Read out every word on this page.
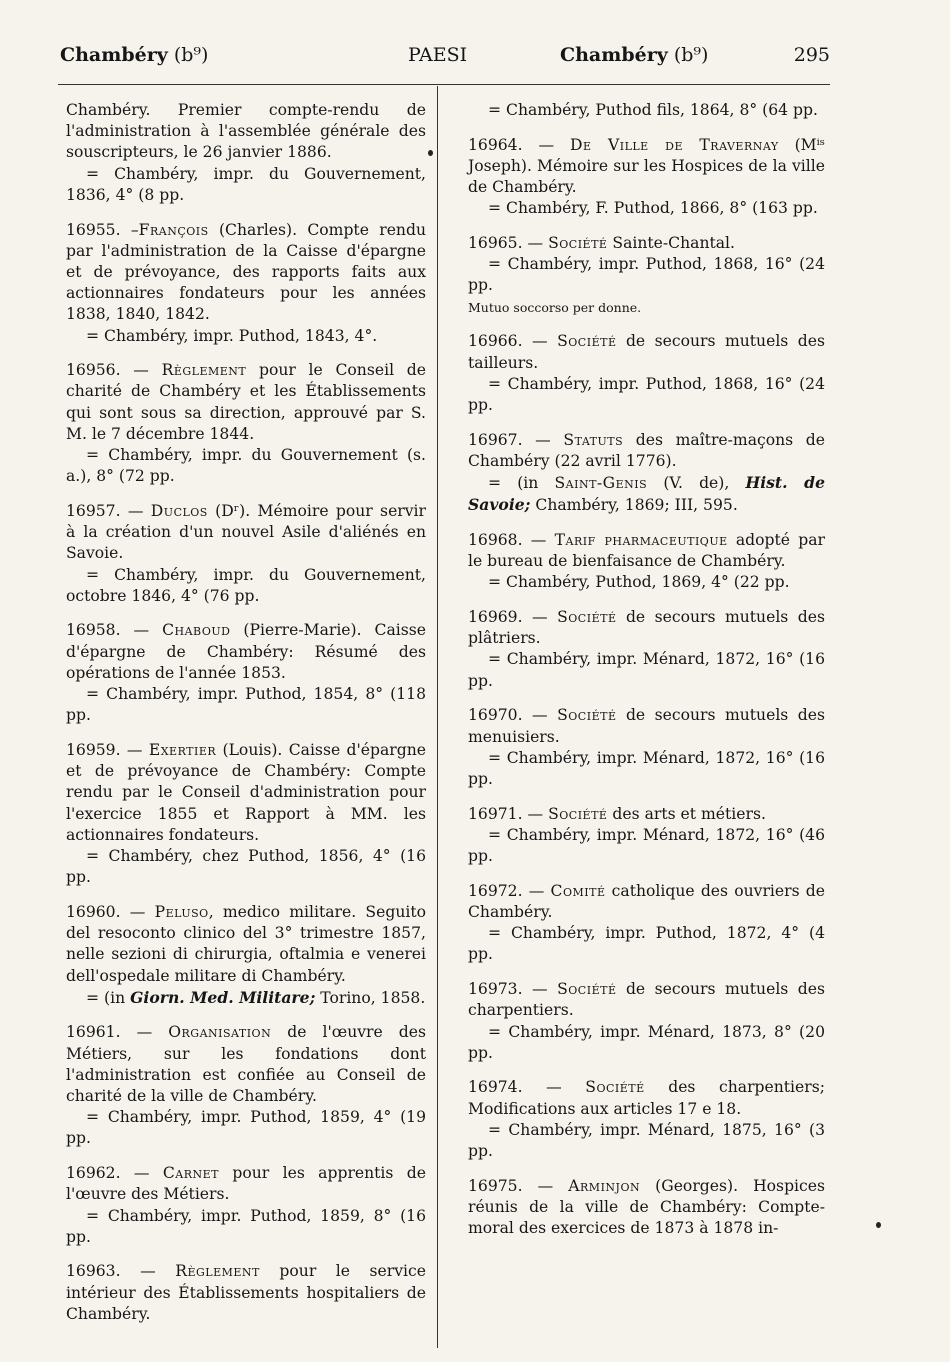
Chambéry (b⁹)	PAESI	Chambéry (b⁹)	295

Chambéry. Premier compte-rendu de l'administration à l'assemblée générale des souscripteurs, le 26 janvier 1886.

= Chambéry, impr. du Gouvernement, 1836, 4° (8 pp.

16955. –François (Charles). Compte rendu par l'administration de la Caisse d'épargne et de prévoyance, des rapports faits aux actionnaires fondateurs pour les années 1838, 1840, 1842.

= Chambéry, impr. Puthod, 1843, 4°.

16956. — Règlement pour le Conseil de charité de Chambéry et les Établissements qui sont sous sa direction, approuvé par S. M. le 7 décembre 1844.

= Chambéry, impr. du Gouvernement (s. a.), 8° (72 pp.

16957. — Duclos (Dʳ). Mémoire pour servir à la création d'un nouvel Asile d'aliénés en Savoie.

= Chambéry, impr. du Gouvernement, octobre 1846, 4° (76 pp.

16958. — Chaboud (Pierre-Marie). Caisse d'épargne de Chambéry: Résumé des opérations de l'année 1853.

= Chambéry, impr. Puthod, 1854, 8° (118 pp.

16959. — Exertier (Louis). Caisse d'épargne et de prévoyance de Chambéry: Compte rendu par le Conseil d'administration pour l'exercice 1855 et Rapport à MM. les actionnaires fondateurs.

= Chambéry, chez Puthod, 1856, 4° (16 pp.

16960. — Peluso, medico militare. Seguito del resoconto clinico del 3° trimestre 1857, nelle sezioni di chirurgia, oftalmia e venerei dell'ospedale militare di Chambéry.

= (in Giorn. Med. Militare; Torino, 1858.

16961. — Organisation de l'œuvre des Métiers, sur les fondations dont l'administration est confiée au Conseil de charité de la ville de Chambéry.

= Chambéry, impr. Puthod, 1859, 4° (19 pp.

16962. — Carnet pour les apprentis de l'œuvre des Métiers.

= Chambéry, impr. Puthod, 1859, 8° (16 pp.

16963. — Règlement pour le service intérieur des Établissements hospitaliers de Chambéry.

= Chambéry, Puthod fils, 1864, 8° (64 pp.

16964. — De Ville de Travernay (Mⁱˢ Joseph). Mémoire sur les Hospices de la ville de Chambéry.

= Chambéry, F. Puthod, 1866, 8° (163 pp.

16965. — Société Sainte-Chantal.

= Chambéry, impr. Puthod, 1868, 16° (24 pp.

Mutuo soccorso per donne.

16966. — Société de secours mutuels des tailleurs.

= Chambéry, impr. Puthod, 1868, 16° (24 pp.

16967. — Statuts des maître-maçons de Chambéry (22 avril 1776).

= (in Saint-Genis (V. de), Hist. de Savoie; Chambéry, 1869; III, 595.

16968. — Tarif pharmaceutique adopté par le bureau de bienfaisance de Chambéry.

= Chambéry, Puthod, 1869, 4° (22 pp.

16969. — Société de secours mutuels des plâtriers.

= Chambéry, impr. Ménard, 1872, 16° (16 pp.

16970. — Société de secours mutuels des menuisiers.

= Chambéry, impr. Ménard, 1872, 16° (16 pp.

16971. — Société des arts et métiers.

= Chambéry, impr. Ménard, 1872, 16° (46 pp.

16972. — Comité catholique des ouvriers de Chambéry.

= Chambéry, impr. Puthod, 1872, 4° (4 pp.

16973. — Société de secours mutuels des charpentiers.

= Chambéry, impr. Ménard, 1873, 8° (20 pp.

16974. — Société des charpentiers; Modifications aux articles 17 e 18.

= Chambéry, impr. Ménard, 1875, 16° (3 pp.

16975. — Arminjon (Georges). Hospices réunis de la ville de Chambéry: Compte-moral des exercices de 1873 à 1878 in-
